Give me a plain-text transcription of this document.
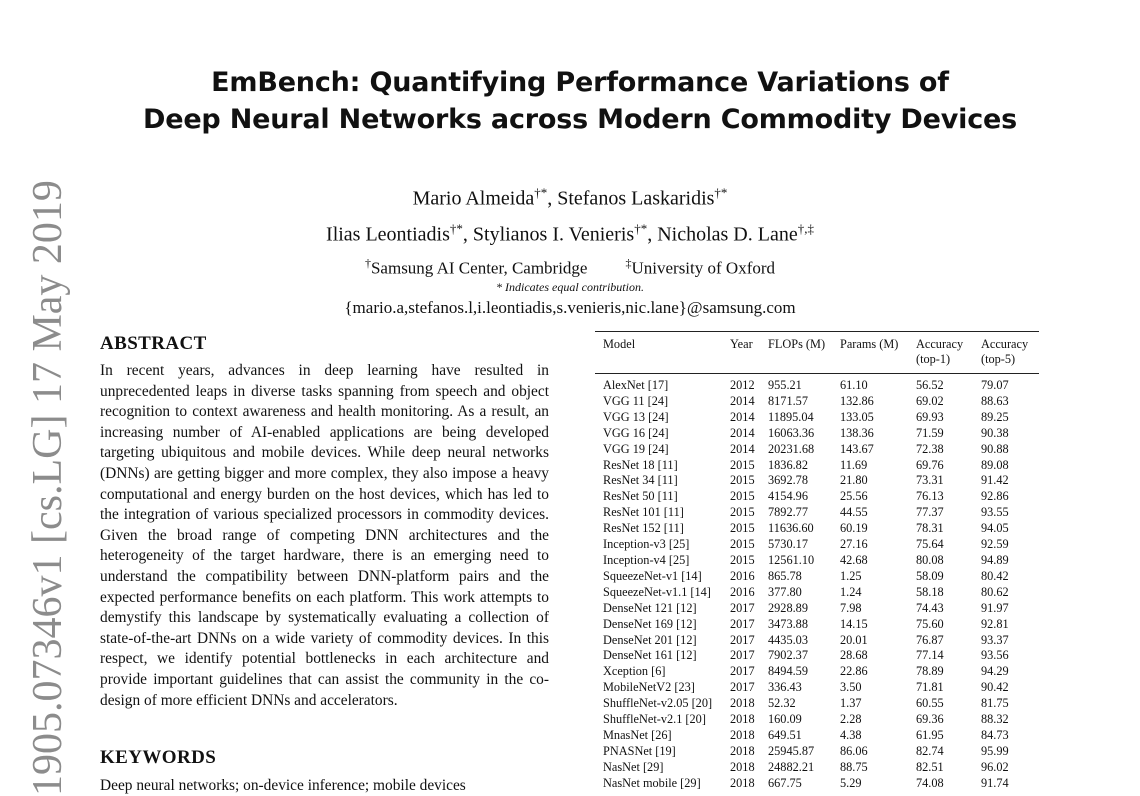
1905.07346v1 [cs.LG] 17 May 2019
EmBench: Quantifying Performance Variations of
Deep Neural Networks across Modern Commodity Devices
Mario Almeida†*, Stefanos Laskaridis†*
Ilias Leontiadis†*, Stylianos I. Venieris†*, Nicholas D. Lane†,‡
†Samsung AI Center, Cambridge	‡University of Oxford
* Indicates equal contribution.
{mario.a,stefanos.l,i.leontiadis,s.venieris,nic.lane}@samsung.com
ABSTRACT
In recent years, advances in deep learning have resulted in unprecedented leaps in diverse tasks spanning from speech and object recognition to context awareness and health monitoring. As a result, an increasing number of AI-enabled applications are being developed targeting ubiquitous and mobile devices. While deep neural networks (DNNs) are getting bigger and more complex, they also impose a heavy computational and energy burden on the host devices, which has led to the integration of various specialized processors in commodity devices. Given the broad range of competing DNN architectures and the heterogeneity of the target hardware, there is an emerging need to understand the compatibility between DNN-platform pairs and the expected performance benefits on each platform. This work attempts to demystify this landscape by systematically evaluating a collection of state-of-the-art DNNs on a wide variety of commodity devices. In this respect, we identify potential bottlenecks in each architecture and provide important guidelines that can assist the community in the co-design of more efficient DNNs and accelerators.
KEYWORDS
Deep neural networks; on-device inference; mobile devices
Model	Year	FLOPs (M)	Params (M)	Accuracy (top-1)	Accuracy (top-5)
AlexNet [17]	2012	955.21	61.10	56.52	79.07
VGG 11 [24]	2014	8171.57	132.86	69.02	88.63
VGG 13 [24]	2014	11895.04	133.05	69.93	89.25
VGG 16 [24]	2014	16063.36	138.36	71.59	90.38
VGG 19 [24]	2014	20231.68	143.67	72.38	90.88
ResNet 18 [11]	2015	1836.82	11.69	69.76	89.08
ResNet 34 [11]	2015	3692.78	21.80	73.31	91.42
ResNet 50 [11]	2015	4154.96	25.56	76.13	92.86
ResNet 101 [11]	2015	7892.77	44.55	77.37	93.55
ResNet 152 [11]	2015	11636.60	60.19	78.31	94.05
Inception-v3 [25]	2015	5730.17	27.16	75.64	92.59
Inception-v4 [25]	2015	12561.10	42.68	80.08	94.89
SqueezeNet-v1 [14]	2016	865.78	1.25	58.09	80.42
SqueezeNet-v1.1 [14]	2016	377.80	1.24	58.18	80.62
DenseNet 121 [12]	2017	2928.89	7.98	74.43	91.97
DenseNet 169 [12]	2017	3473.88	14.15	75.60	92.81
DenseNet 201 [12]	2017	4435.03	20.01	76.87	93.37
DenseNet 161 [12]	2017	7902.37	28.68	77.14	93.56
Xception [6]	2017	8494.59	22.86	78.89	94.29
MobileNetV2 [23]	2017	336.43	3.50	71.81	90.42
ShuffleNet-v2.05 [20]	2018	52.32	1.37	60.55	81.75
ShuffleNet-v2.1 [20]	2018	160.09	2.28	69.36	88.32
MnasNet [26]	2018	649.51	4.38	61.95	84.73
PNASNet [19]	2018	25945.87	86.06	82.74	95.99
NasNet [29]	2018	24882.21	88.75	82.51	96.02
NasNet mobile [29]	2018	667.75	5.29	74.08	91.74
